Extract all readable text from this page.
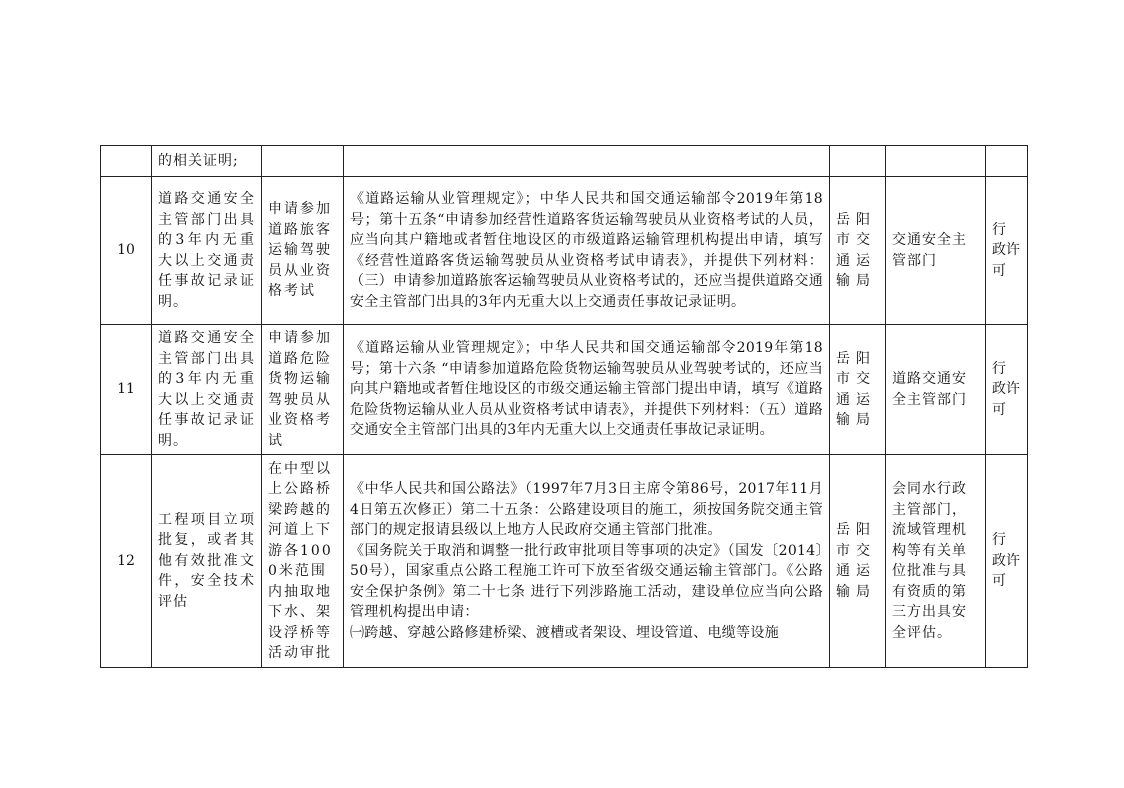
	的相关证明;					
10	道路交通安全主管部门出具的3年内无重大以上交通责任事故记录证明。	申请参加道路旅客运输驾驶员从业资格考试	《道路运输从业管理规定》；中华人民共和国交通运输部令2019年第18号；第十五条“申请参加经营性道路客货运输驾驶员从业资格考试的人员，应当向其户籍地或者暂住地设区的市级道路运输管理机构提出申请，填写《经营性道路客货运输驾驶员从业资格考试申请表》，并提供下列材料：（三）申请参加道路旅客运输驾驶员从业资格考试的，还应当提供道路交通安全主管部门出具的3年内无重大以上交通责任事故记录证明。	岳阳市交通运输局	交通安全主管部门	行 政许可
11	道路交通安全主管部门出具的3年内无重大以上交通责任事故记录证明。	申请参加道路危险货物运输驾驶员从业资格考试	《道路运输从业管理规定》；中华人民共和国交通运输部令2019年第18号；第十六条 “申请参加道路危险货物运输驾驶员从业驾驶考试的，还应当向其户籍地或者暂住地设区的市级交通运输主管部门提出申请，填写《道路危险货物运输从业人员从业资格考试申请表》，并提供下列材料：（五）道路交通安全主管部门出具的3年内无重大以上交通责任事故记录证明。	岳阳市交通运输局	道路交通安全主管部门	行 政许可
12	工程项目立项批复，或者其他有效批准文件，安全技术评估	在中型以上公路桥梁跨越的河道上下游各1000米范围内抽取地下水、架设浮桥等活动审批	《中华人民共和国公路法》（1997年7月3日主席令第86号，2017年11月4日第五次修正）第二十五条：公路建设项目的施工，须按国务院交通主管部门的规定报请县级以上地方人民政府交通主管部门批准。
《国务院关于取消和调整一批行政审批项目等事项的决定》（国发〔2014〕50号），国家重点公路工程施工许可下放至省级交通运输主管部门。《公路安全保护条例》第二十七条 进行下列涉路施工活动，建设单位应当向公路管理机构提出申请：
㈠跨越、穿越公路修建桥梁、渡槽或者架设、埋设管道、电缆等设施	岳阳市交通运输局	会同水行政主管部门，流域管理机构等有关单位批准与具有资质的第三方出具安全评估。	行 政许可
